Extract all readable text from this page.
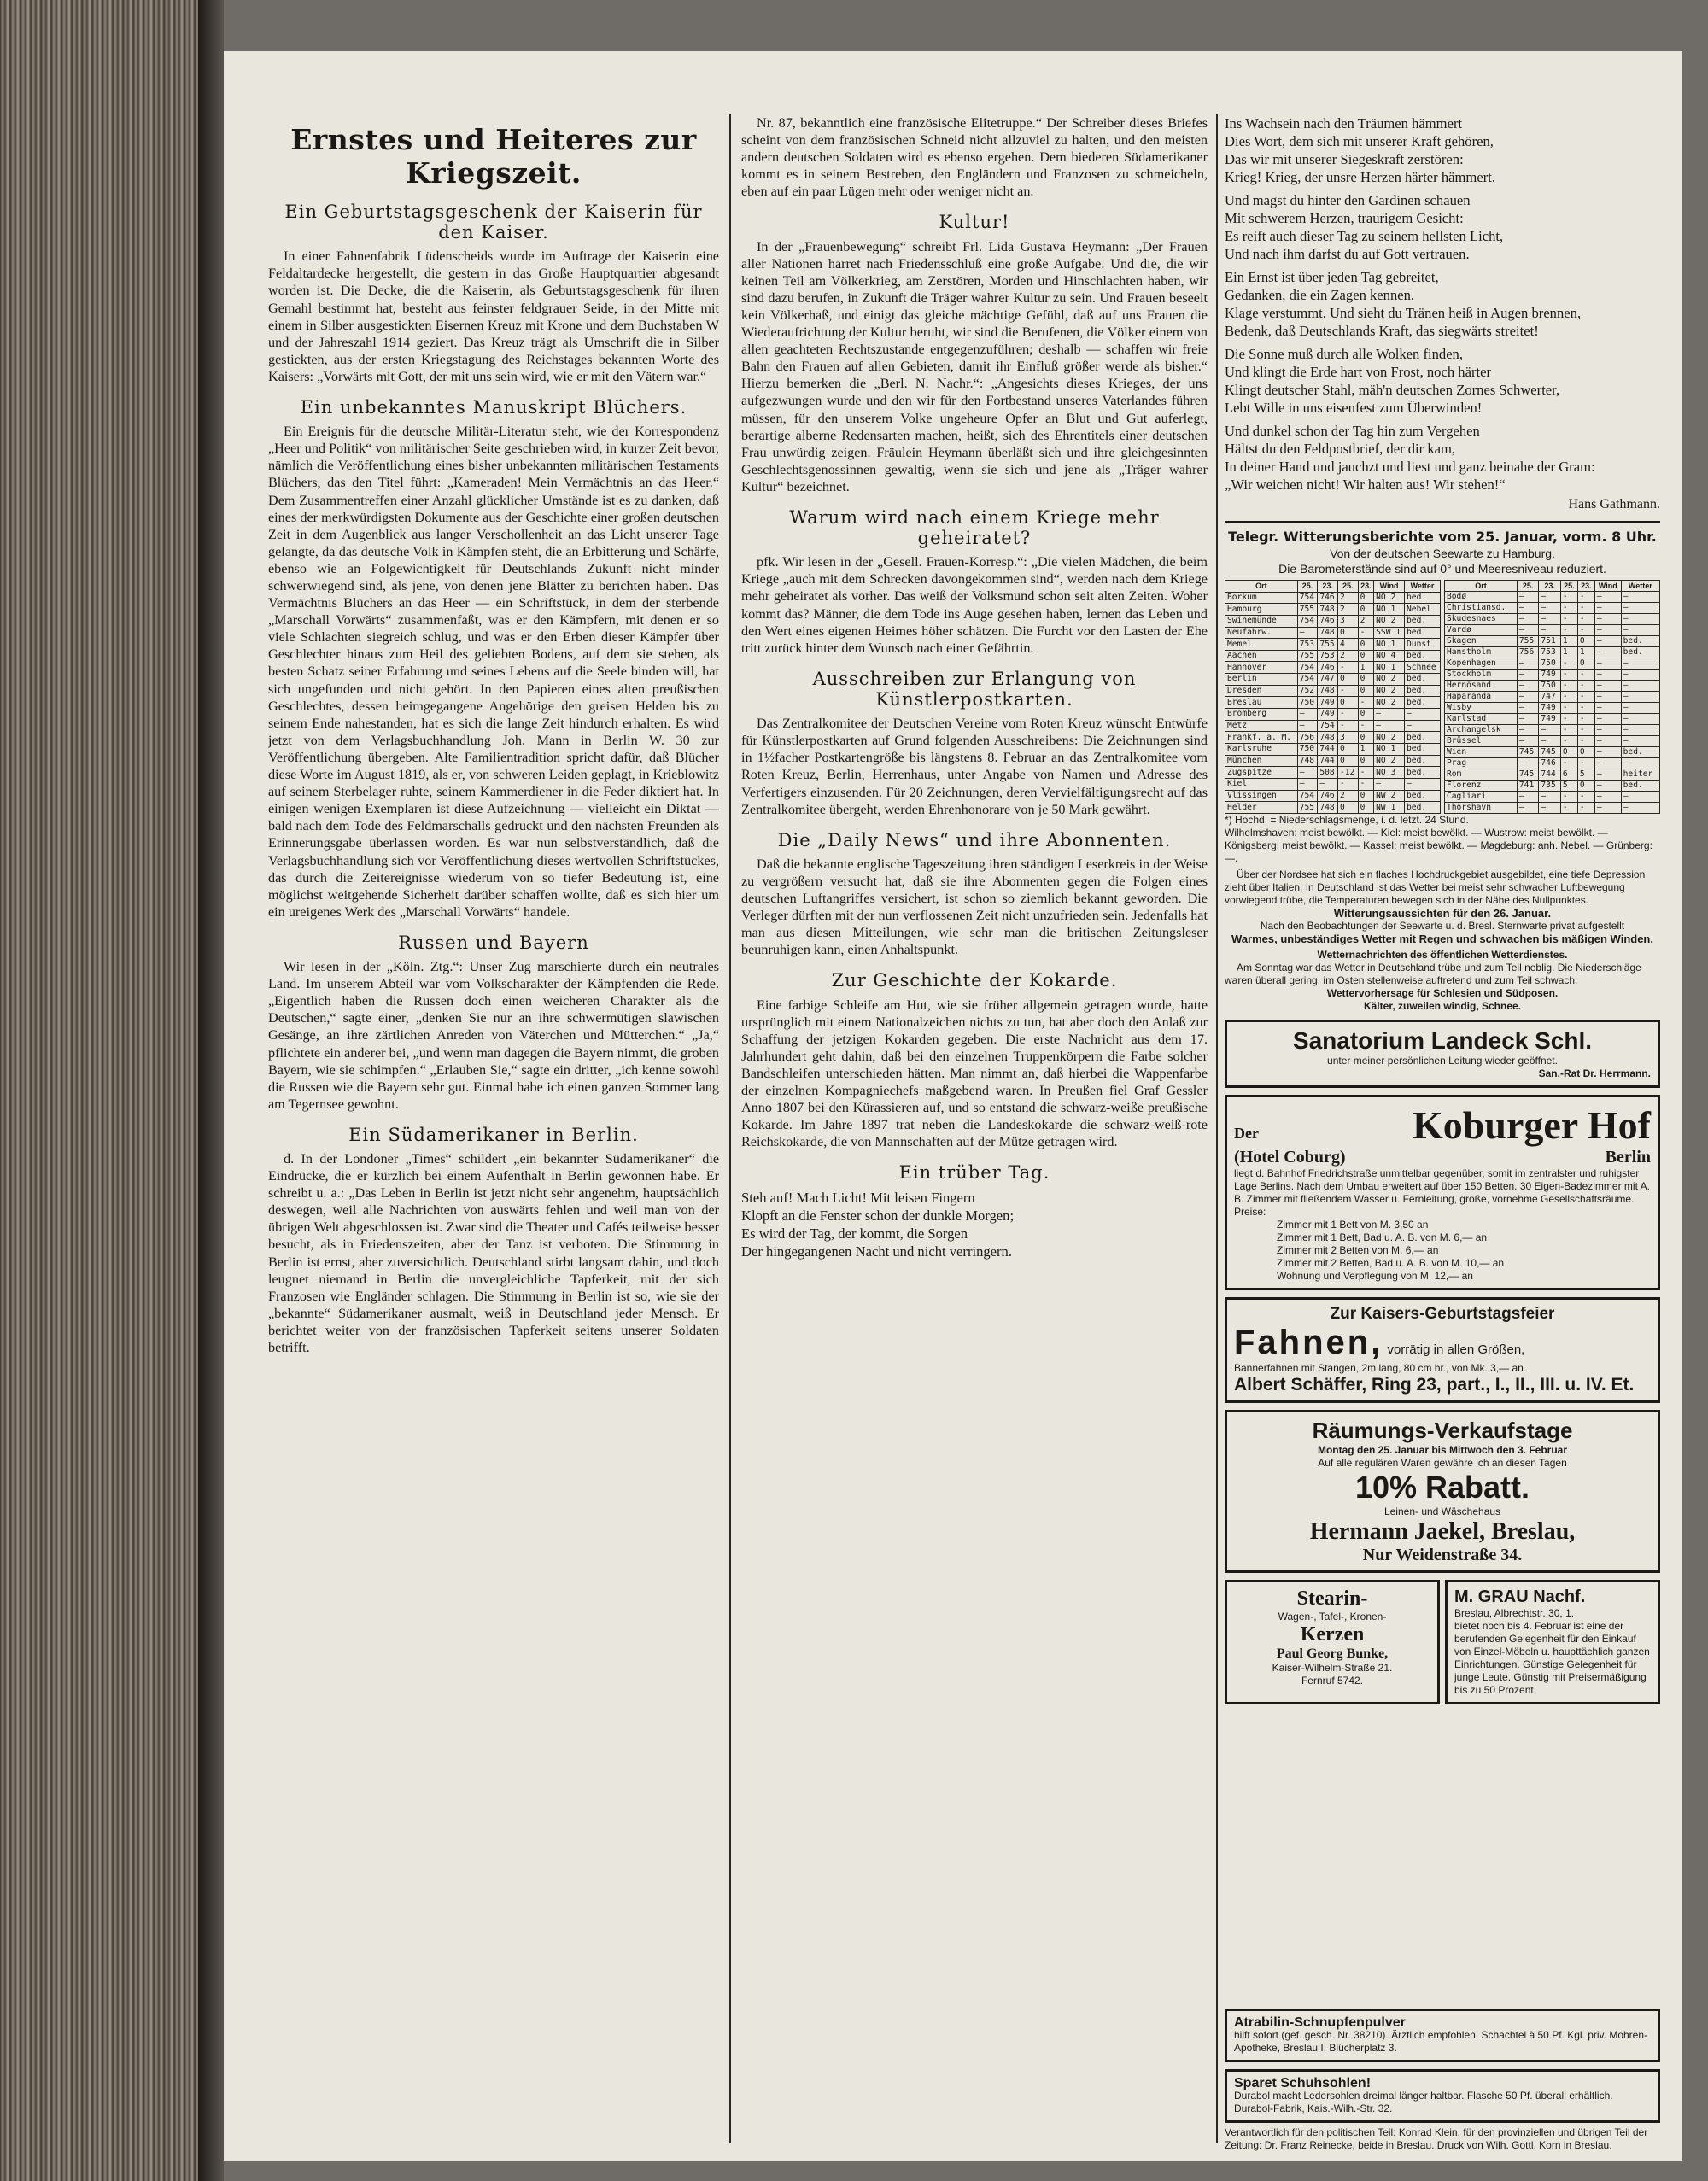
Ernstes und Heiteres zur Kriegszeit.
Ein Geburtstagsgeschenk der Kaiserin für den Kaiser.

In einer Fahnenfabrik Lüdenscheids wurde im Auftrage der Kaiserin eine Feldaltardecke hergestellt, die gestern in das Große Hauptquartier abgesandt worden ist. Die Decke, die die Kaiserin, als Geburtstagsgeschenk für ihren Gemahl bestimmt hat, besteht aus feinster feldgrauer Seide, in der Mitte mit einem in Silber ausgestickten Eisernen Kreuz mit Krone und dem Buchstaben W und der Jahreszahl 1914 geziert. Das Kreuz trägt als Umschrift die in Silber gestickten, aus der ersten Kriegstagung des Reichstages bekannten Worte des Kaisers: „Vorwärts mit Gott, der mit uns sein wird, wie er mit den Vätern war.“

Ein unbekanntes Manuskript Blüchers.

Ein Ereignis für die deutsche Militär-Literatur steht, wie der Korrespondenz „Heer und Politik“ von militärischer Seite geschrieben wird, in kurzer Zeit bevor, nämlich die Veröffentlichung eines bisher unbekannten militärischen Testaments Blüchers, das den Titel führt: „Kameraden! Mein Vermächtnis an das Heer.“ Dem Zusammentreffen einer Anzahl glücklicher Umstände ist es zu danken, daß eines der merkwürdigsten Dokumente aus der Geschichte einer großen deutschen Zeit in dem Augenblick aus langer Verschollenheit an das Licht unserer Tage gelangte, da das deutsche Volk in Kämpfen steht, die an Erbitterung und Schärfe, ebenso wie an Folgewichtigkeit für Deutschlands Zukunft nicht minder schwerwiegend sind, als jene, von denen jene Blätter zu berichten haben. Das Vermächtnis Blüchers an das Heer — ein Schriftstück, in dem der sterbende „Marschall Vorwärts“ zusammenfaßt, was er den Kämpfern, mit denen er so viele Schlachten siegreich schlug, und was er den Erben dieser Kämpfer über Geschlechter hinaus zum Heil des geliebten Bodens, auf dem sie stehen, als besten Schatz seiner Erfahrung und seines Lebens auf die Seele binden will, hat sich ungefunden und nicht gehört. In den Papieren eines alten preußischen Geschlechtes, dessen heimgegangene Angehörige den greisen Helden bis zu seinem Ende nahestanden, hat es sich die lange Zeit hindurch erhalten. Es wird jetzt von dem Verlagsbuchhandlung Joh. Mann in Berlin W. 30 zur Veröffentlichung übergeben. Alte Familientradition spricht dafür, daß Blücher diese Worte im August 1819, als er, von schweren Leiden geplagt, in Krieblowitz auf seinem Sterbelager ruhte, seinem Kammerdiener in die Feder diktiert hat. In einigen wenigen Exemplaren ist diese Aufzeichnung — vielleicht ein Diktat — bald nach dem Tode des Feldmarschalls gedruckt und den nächsten Freunden als Erinnerungsgabe überlassen worden. Es war nun selbstverständlich, daß die Verlagsbuchhandlung sich vor Veröffentlichung dieses wertvollen Schriftstückes, das durch die Zeitereignisse wiederum von so tiefer Bedeutung ist, eine möglichst weitgehende Sicherheit darüber schaffen wollte, daß es sich hier um ein ureigenes Werk des „Marschall Vorwärts“ handele.

Russen und Bayern

Wir lesen in der „Köln. Ztg.“: Unser Zug marschierte durch ein neutrales Land. Im unserem Abteil war vom Volkscharakter der Kämpfenden die Rede. „Eigentlich haben die Russen doch einen weicheren Charakter als die Deutschen,“ sagte einer, „denken Sie nur an ihre schwermütigen slawischen Gesänge, an ihre zärtlichen Anreden von Väterchen und Mütterchen.“ „Ja,“ pflichtete ein anderer bei, „und wenn man dagegen die Bayern nimmt, die groben Bayern, wie sie schimpfen.“ „Erlauben Sie,“ sagte ein dritter, „ich kenne sowohl die Russen wie die Bayern sehr gut. Einmal habe ich einen ganzen Sommer lang am Tegernsee gewohnt.

Ein Südamerikaner in Berlin.

d. In der Londoner „Times“ schildert „ein bekannter Südamerikaner“ die Eindrücke, die er kürzlich bei einem Aufenthalt in Berlin gewonnen habe. Er schreibt u. a.: „Das Leben in Berlin ist jetzt nicht sehr angenehm, hauptsächlich deswegen, weil alle Nachrichten von auswärts fehlen und weil man von der übrigen Welt abgeschlossen ist. Zwar sind die Theater und Cafés teilweise besser besucht, als in Friedenszeiten, aber der Tanz ist verboten. Die Stimmung in Berlin ist ernst, aber zuversichtlich. Deutschland stirbt langsam dahin, und doch leugnet niemand in Berlin die unvergleichliche Tapferkeit, mit der sich Franzosen wie Engländer schlagen. Die Stimmung in Berlin ist so, wie sie der „bekannte“ Südamerikaner ausmalt, weiß in Deutschland jeder Mensch. Er berichtet weiter von der französischen Tapferkeit seitens unserer Soldaten betrifft.

Nr. 87, bekanntlich eine französische Elitetruppe.“ Der Schreiber dieses Briefes scheint von dem französischen Schneid nicht allzuviel zu halten, und den meisten andern deutschen Soldaten wird es ebenso ergehen. Dem biederen Südamerikaner kommt es in seinem Bestreben, den Engländern und Franzosen zu schmeicheln, eben auf ein paar Lügen mehr oder weniger nicht an.

Kultur!

In der „Frauenbewegung“ schreibt Frl. Lida Gustava Heymann: „Der Frauen aller Nationen harret nach Friedensschluß eine große Aufgabe. Und die, die wir keinen Teil am Völkerkrieg, am Zerstören, Morden und Hinschlachten haben, wir sind dazu berufen, in Zukunft die Träger wahrer Kultur zu sein. Und Frauen beseelt kein Völkerhaß, und einigt das gleiche mächtige Gefühl, daß auf uns Frauen die Wiederaufrichtung der Kultur beruht, wir sind die Berufenen, die Völker einem von allen geachteten Rechtszustande entgegenzuführen; deshalb — schaffen wir freie Bahn den Frauen auf allen Gebieten, damit ihr Einfluß größer werde als bisher.“ Hierzu bemerken die „Berl. N. Nachr.“: „Angesichts dieses Krieges, der uns aufgezwungen wurde und den wir für den Fortbestand unseres Vaterlandes führen müssen, für den unserem Volke ungeheure Opfer an Blut und Gut auferlegt, berartige alberne Redensarten machen, heißt, sich des Ehrentitels einer deutschen Frau unwürdig zeigen. Fräulein Heymann überläßt sich und ihre gleichgesinnten Geschlechtsgenossinnen gewaltig, wenn sie sich und jene als „Träger wahrer Kultur“ bezeichnet.

Warum wird nach einem Kriege mehr geheiratet?

pfk. Wir lesen in der „Gesell. Frauen-Korresp.“: „Die vielen Mädchen, die beim Kriege „auch mit dem Schrecken davongekommen sind“, werden nach dem Kriege mehr geheiratet als vorher. Das weiß der Volksmund schon seit alten Zeiten. Woher kommt das? Männer, die dem Tode ins Auge gesehen haben, lernen das Leben und den Wert eines eigenen Heimes höher schätzen. Die Furcht vor den Lasten der Ehe tritt zurück hinter dem Wunsch nach einer Gefährtin.

Ausschreiben zur Erlangung von Künstlerpostkarten.

Das Zentralkomitee der Deutschen Vereine vom Roten Kreuz wünscht Entwürfe für Künstlerpostkarten auf Grund folgenden Ausschreibens: Die Zeichnungen sind in 1½facher Postkartengröße bis längstens 8. Februar an das Zentralkomitee vom Roten Kreuz, Berlin, Herrenhaus, unter Angabe von Namen und Adresse des Verfertigers einzusenden. Für 20 Zeichnungen, deren Vervielfältigungsrecht auf das Zentralkomitee übergeht, werden Ehrenhonorare von je 50 Mark gewährt.

Die „Daily News“ und ihre Abonnenten.

Daß die bekannte englische Tageszeitung ihren ständigen Leserkreis in der Weise zu vergrößern versucht hat, daß sie ihre Abonnenten gegen die Folgen eines deutschen Luftangriffes versichert, ist schon so ziemlich bekannt geworden. Die Verleger dürften mit der nun verflossenen Zeit nicht unzufrieden sein. Jedenfalls hat man aus diesen Mitteilungen, wie sehr man die britischen Zeitungsleser beunruhigen kann, einen Anhaltspunkt.

Zur Geschichte der Kokarde.

Eine farbige Schleife am Hut, wie sie früher allgemein getragen wurde, hatte ursprünglich mit einem Nationalzeichen nichts zu tun, hat aber doch den Anlaß zur Schaffung der jetzigen Kokarden gegeben. Die erste Nachricht aus dem 17. Jahrhundert geht dahin, daß bei den einzelnen Truppenkörpern die Farbe solcher Bandschleifen unterschieden hätten. Man nimmt an, daß hierbei die Wappenfarbe der einzelnen Kompagniechefs maßgebend waren. In Preußen fiel Graf Gessler Anno 1807 bei den Kürassieren auf, und so entstand die schwarz-weiße preußische Kokarde. Im Jahre 1897 trat neben die Landeskokarde die schwarz-weiß-rote Reichskokarde, die von Mannschaften auf der Mütze getragen wird.

Ein trüber Tag.
Steh auf! Mach Licht! Mit leisen Fingern
Klopft an die Fenster schon der dunkle Morgen;
Es wird der Tag, der kommt, die Sorgen
Der hingegangenen Nacht und nicht verringern.
Ins Wachsein nach den Träumen hämmert
Dies Wort, dem sich mit unserer Kraft gehören,
Das wir mit unserer Siegeskraft zerstören:
Krieg! Krieg, der unsre Herzen härter hämmert.
Und magst du hinter den Gardinen schauen
Mit schwerem Herzen, traurigem Gesicht:
Es reift auch dieser Tag zu seinem hellsten Licht,
Und nach ihm darfst du auf Gott vertrauen.
Ein Ernst ist über jeden Tag gebreitet,
Gedanken, die ein Zagen kennen.
Klage verstummt. Und sieht du Tränen heiß in Augen brennen,
Bedenk, daß Deutschlands Kraft, das siegwärts streitet!
Die Sonne muß durch alle Wolken finden,
Und klingt die Erde hart von Frost, noch härter
Klingt deutscher Stahl, mäh'n deutschen Zornes Schwerter,
Lebt Wille in uns eisenfest zum Überwinden!
Und dunkel schon der Tag hin zum Vergehen
Hältst du den Feldpostbrief, der dir kam,
In deiner Hand und jauchzt und liest und ganz beinahe der Gram:
„Wir weichen nicht! Wir halten aus! Wir stehen!“
Hans Gathmann.
Telegr. Witterungsberichte vom 25. Januar, vorm. 8 Uhr.
Von der deutschen Seewarte zu Hamburg.
Die Barometerstände sind auf 0° und Meeresniveau reduziert.
Ort	25.	23.	25.	23.	Wind	Wetter
Borkum	754	746	2	0	NO 2	bed.
Hamburg	755	748	2	0	NO 1	Nebel
Swinemünde	754	746	3	2	NO 2	bed.
Neufahrw.	—	748	0	-	SSW 1	bed.
Memel	753	755	4	0	NO 1	Dunst
Aachen	755	753	2	0	NO 4	bed.
Hannover	754	746	-	1	NO 1	Schnee
Berlin	754	747	0	0	NO 2	bed.
Dresden	752	748	-	0	NO 2	bed.
Breslau	750	749	0	-	NO 2	bed.
Bromberg	—	749	-	0	—	—
Metz	—	754	-	-	—	—
Frankf. a. M.	756	748	3	0	NO 2	bed.
Karlsruhe	750	744	0	1	NO 1	bed.
München	748	744	0	0	NO 2	bed.
Zugspitze	—	508	-12	-	NO 3	bed.
Kiel	—	—	-	-	—	—
Vlissingen	754	746	2	0	NW 2	bed.
Helder	755	748	0	0	NW 1	bed.
Ort	25.	23.	25.	23.	Wind	Wetter
Bodø	—	—	-	-	—	—
Christiansd.	—	—	-	-	—	—
Skudesnaes	—	—	-	-	—	—
Vardø	—	—	-	-	—	—
Skagen	755	751	1	0	—	bed.
Hanstholm	756	753	1	1	—	bed.
Kopenhagen	—	750	-	0	—	—
Stockholm	—	749	-	-	—	—
Hernösand	—	750	-	-	—	—
Haparanda	—	747	-	-	—	—
Wisby	—	749	-	-	—	—
Karlstad	—	749	-	-	—	—
Archangelsk	—	—	-	-	—	—
Brüssel	—	—	-	-	—	—
Wien	745	745	0	0	—	bed.
Prag	—	746	-	-	—	—
Rom	745	744	6	5	—	heiter
Florenz	741	735	5	0	—	bed.
Cagliari	—	—	-	-	—	—
Thorshavn	—	—	-	-	—	—
*) Hochd. = Niederschlagsmenge, i. d. letzt. 24 Stund.
Wilhelmshaven: meist bewölkt. — Kiel: meist bewölkt. — Wustrow: meist bewölkt. — Königsberg: meist bewölkt. — Kassel: meist bewölkt. — Magdeburg: anh. Nebel. — Grünberg: —.

Über der Nordsee hat sich ein flaches Hochdruckgebiet ausgebildet, eine tiefe Depression zieht über Italien. In Deutschland ist das Wetter bei meist sehr schwacher Luftbewegung vorwiegend trübe, die Temperaturen bewegen sich in der Nähe des Nullpunktes.

Witterungsaussichten für den 26. Januar.
Nach den Beobachtungen der Seewarte u. d. Bresl. Sternwarte privat aufgestellt
Warmes, unbeständiges Wetter mit Regen und schwachen bis mäßigen Winden.
Wetternachrichten des öffentlichen Wetterdienstes.

Am Sonntag war das Wetter in Deutschland trübe und zum Teil neblig. Die Niederschläge waren überall gering, im Osten stellenweise auftretend und zum Teil schwach.

Wettervorhersage für Schlesien und Südposen.
Kälter, zuweilen windig, Schnee.
Sanatorium Landeck Schl.
unter meiner persönlichen Leitung wieder geöffnet.
San.-Rat Dr. Herrmann.
Der	Koburger Hof
(Hotel Coburg)	Berlin

liegt d. Bahnhof Friedrichstraße unmittelbar gegenüber, somit im zentralster und ruhigster Lage Berlins. Nach dem Umbau erweitert auf über 150 Betten. 30 Eigen-Badezimmer mit A. B. Zimmer mit fließendem Wasser u. Fernleitung, große, vornehme Gesellschaftsräume.

Preise:
Zimmer mit 1 Bett von M. 3,50 an
Zimmer mit 1 Bett, Bad u. A. B. von M. 6,— an
Zimmer mit 2 Betten von M. 6,— an
Zimmer mit 2 Betten, Bad u. A. B. von M. 10,— an
Wohnung und Verpflegung von M. 12,— an
Zur Kaisers-Geburtstagsfeier
Fahnen, vorrätig in allen Größen,
Bannerfahnen mit Stangen, 2m lang, 80 cm br., von Mk. 3,— an.
Albert Schäffer, Ring 23, part., I., II., III. u. IV. Et.
Räumungs-Verkaufstage
Montag den 25. Januar bis Mittwoch den 3. Februar
Auf alle regulären Waren gewähre ich an diesen Tagen
10% Rabatt.
Leinen- und Wäschehaus
Hermann Jaekel, Breslau,
Nur Weidenstraße 34.
Stearin-
Wagen-, Tafel-, Kronen-
Kerzen
Paul Georg Bunke,
Kaiser-Wilhelm-Straße 21.
Fernruf 5742.
M. GRAU Nachf.
Breslau, Albrechtstr. 30, 1.
bietet noch bis 4. Februar ist eine der berufenden Gelegenheit für den Einkauf von Einzel-Möbeln u. haupttächlich ganzen Einrichtungen. Günstige Gelegenheit für junge Leute. Günstig mit Preisermäßigung bis zu 50 Prozent.
Atrabilin-Schnupfenpulver
hilft sofort (gef. gesch. Nr. 38210). Ärztlich empfohlen. Schachtel à 50 Pf. Kgl. priv. Mohren-Apotheke, Breslau I, Blücherplatz 3.
Sparet Schuhsohlen!
Durabol macht Ledersohlen dreimal länger haltbar. Flasche 50 Pf. überall erhältlich. Durabol-Fabrik, Kais.-Wilh.-Str. 32.
Verantwortlich für den politischen Teil: Konrad Klein, für den provinziellen und übrigen Teil der Zeitung: Dr. Franz Reinecke, beide in Breslau. Druck von Wilh. Gottl. Korn in Breslau.
